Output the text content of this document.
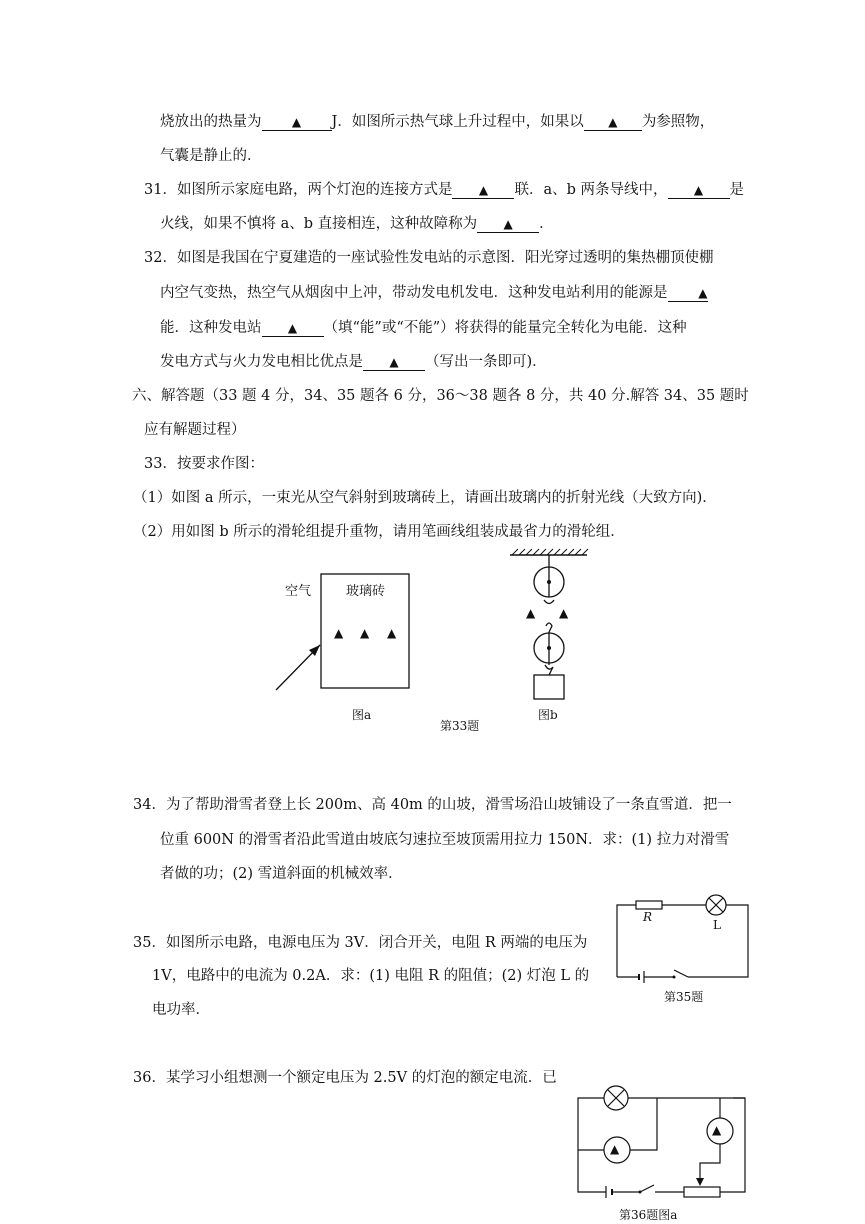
烧放出的热量为	▲ J．如图所示热气球上升过程中，如果以 ▲ 为参照物，
气囊是静止的．
31．如图所示家庭电路，两个灯泡的连接方式是 ▲ 联．a、b 两条导线中， ▲ 是
火线，如果不慎将 a、b 直接相连，这种故障称为 ▲ ．
32．如图是我国在宁夏建造的一座试验性发电站的示意图．阳光穿过透明的集热棚顶使棚
内空气变热，热空气从烟囱中上冲，带动发电机发电．这种发电站利用的能源是	▲
能．这种发电站 ▲ （填“能”或“不能”）将获得的能量完全转化为电能．这种
发电方式与火力发电相比优点是 ▲ （写出一条即可)．
六、解答题（33 题 4 分，34、35 题各 6 分，36～38 题各 8 分，共 40 分.解答 34、35 题时
应有解题过程）
33．按要求作图：
（1）如图 a 所示，一束光从空气斜射到玻璃砖上，请画出玻璃内的折射光线（大致方向)．
（2）用如图 b 所示的滑轮组提升重物，请用笔画线组装成最省力的滑轮组．
空气	玻璃砖
▲ ▲ ▲
图a
第33题
▲ ▲
图b
34．为了帮助滑雪者登上长 200m、高 40m 的山坡，滑雪场沿山坡铺设了一条直雪道．把一
位重 600N 的滑雪者沿此雪道由坡底匀速拉至坡顶需用拉力 150N．求：(1) 拉力对滑雪
者做的功；(2) 雪道斜面的机械效率．
35．如图所示电路，电源电压为 3V．闭合开关，电阻 R 两端的电压为
1V，电路中的电流为 0.2A．求：(1) 电阻 R 的阻值；(2) 灯泡 L 的
电功率．
R
L
第35题
36．某学习小组想测一个额定电压为 2.5V 的灯泡的额定电流．已
▲
▲
第36题图a
